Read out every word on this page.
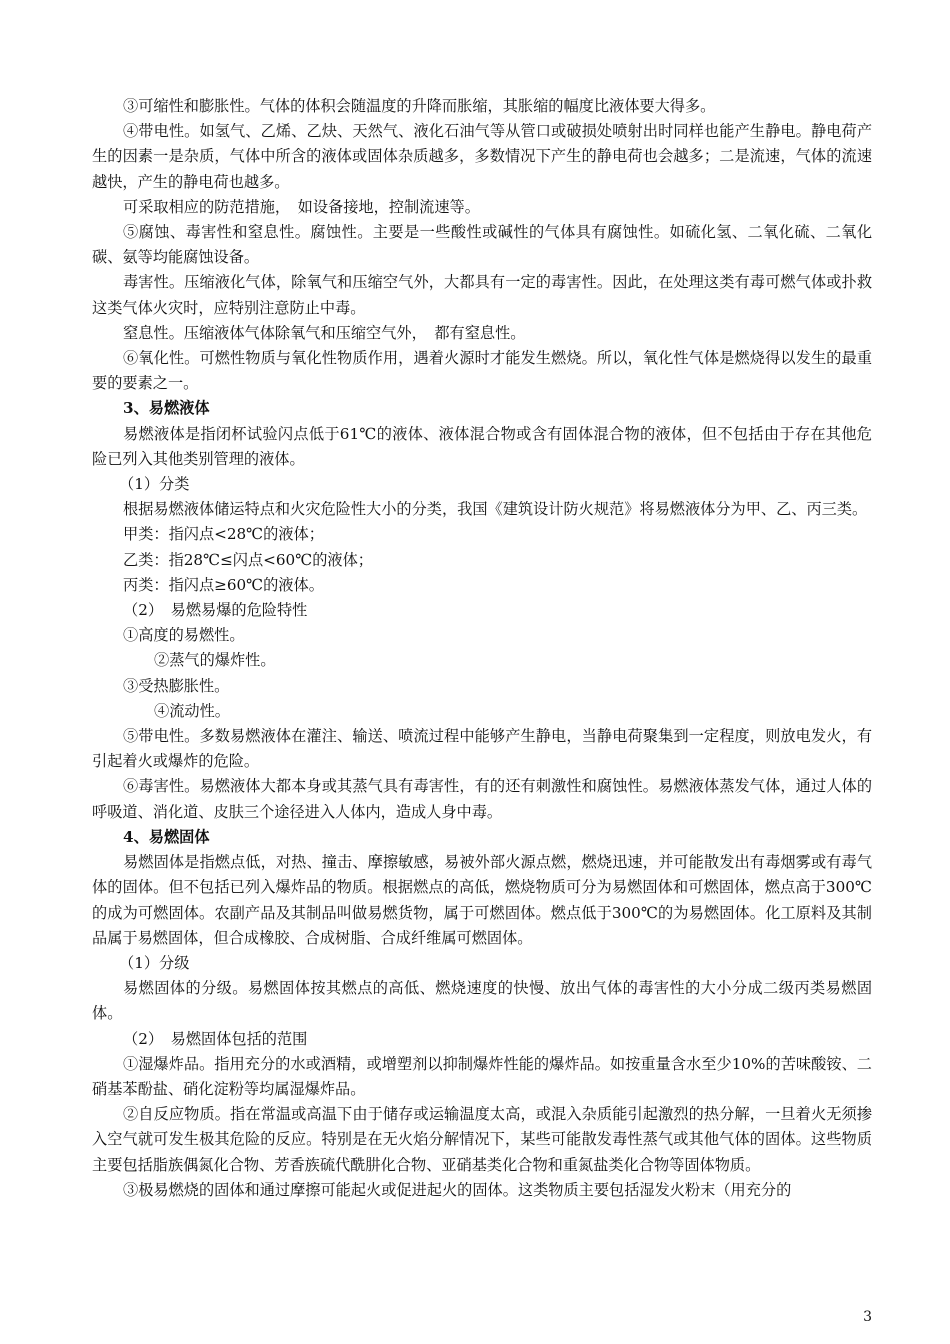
③可缩性和膨胀性。气体的体积会随温度的升降而胀缩，其胀缩的幅度比液体要大得多。

④带电性。如氢气、乙烯、乙炔、天然气、液化石油气等从管口或破损处喷射出时同样也能产生静电。静电荷产生的因素一是杂质，气体中所含的液体或固体杂质越多，多数情况下产生的静电荷也会越多；二是流速，气体的流速越快，产生的静电荷也越多。

可采取相应的防范措施，　如设备接地，控制流速等。

⑤腐蚀、毒害性和窒息性。腐蚀性。主要是一些酸性或碱性的气体具有腐蚀性。如硫化氢、二氧化硫、二氧化碳、氨等均能腐蚀设备。

毒害性。压缩液化气体，除氧气和压缩空气外，大都具有一定的毒害性。因此，在处理这类有毒可燃气体或扑救这类气体火灾时，应特别注意防止中毒。

窒息性。压缩液体气体除氧气和压缩空气外，　都有窒息性。

⑥氧化性。可燃性物质与氧化性物质作用，遇着火源时才能发生燃烧。所以，氧化性气体是燃烧得以发生的最重要的要素之一。

3、易燃液体

易燃液体是指闭杯试验闪点低于61℃的液体、液体混合物或含有固体混合物的液体，但不包括由于存在其他危险已列入其他类别管理的液体。

（1）分类

根据易燃液体储运特点和火灾危险性大小的分类，我国《建筑设计防火规范》将易燃液体分为甲、乙、丙三类。

甲类：指闪点<28℃的液体；

乙类：指28℃≤闪点<60℃的液体；

丙类：指闪点≥60℃的液体。

（2）　易燃易爆的危险特性

①高度的易燃性。

②蒸气的爆炸性。

③受热膨胀性。

④流动性。

⑤带电性。多数易燃液体在灌注、输送、喷流过程中能够产生静电，当静电荷聚集到一定程度，则放电发火，有引起着火或爆炸的危险。

⑥毒害性。易燃液体大都本身或其蒸气具有毒害性，有的还有刺激性和腐蚀性。易燃液体蒸发气体，通过人体的呼吸道、消化道、皮肤三个途径进入人体内，造成人身中毒。

4、易燃固体

易燃固体是指燃点低，对热、撞击、摩擦敏感，易被外部火源点燃，燃烧迅速，并可能散发出有毒烟雾或有毒气体的固体。但不包括已列入爆炸品的物质。根据燃点的高低，燃烧物质可分为易燃固体和可燃固体，燃点高于300℃的成为可燃固体。农副产品及其制品叫做易燃货物，属于可燃固体。燃点低于300℃的为易燃固体。化工原料及其制品属于易燃固体，但合成橡胶、合成树脂、合成纤维属可燃固体。

（1）分级

易燃固体的分级。易燃固体按其燃点的高低、燃烧速度的快慢、放出气体的毒害性的大小分成二级丙类易燃固体。

（2）　易燃固体包括的范围

①湿爆炸品。指用充分的水或酒精，或增塑剂以抑制爆炸性能的爆炸品。如按重量含水至少10%的苦味酸铵、二硝基苯酚盐、硝化淀粉等均属湿爆炸品。

②自反应物质。指在常温或高温下由于储存或运输温度太高，或混入杂质能引起激烈的热分解，一旦着火无须掺入空气就可发生极其危险的反应。特别是在无火焰分解情况下，某些可能散发毒性蒸气或其他气体的固体。这些物质主要包括脂族偶氮化合物、芳香族硫代酰肼化合物、亚硝基类化合物和重氮盐类化合物等固体物质。

③极易燃烧的固体和通过摩擦可能起火或促进起火的固体。这类物质主要包括湿发火粉末（用充分的

3
